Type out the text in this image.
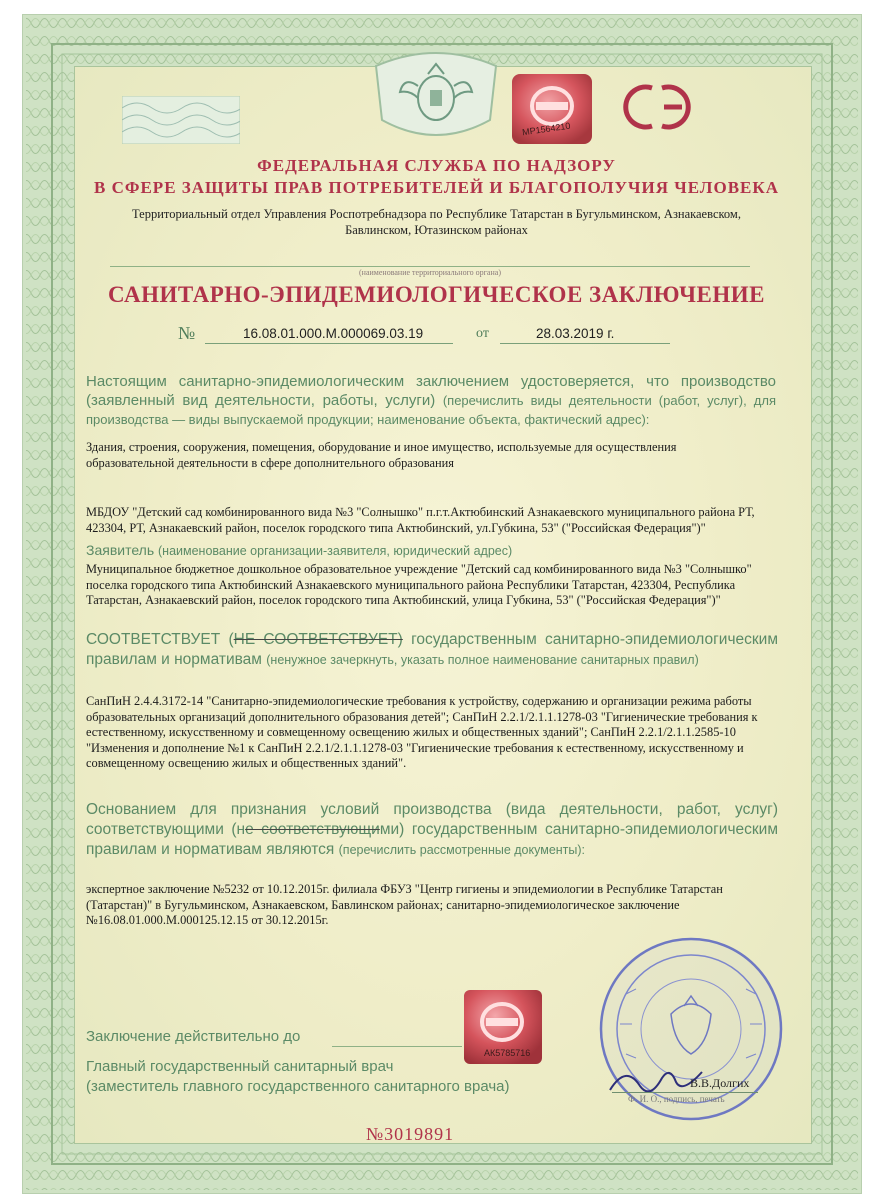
МР1564210
ФЕДЕРАЛЬНАЯ СЛУЖБА ПО НАДЗОРУ
В СФЕРЕ ЗАЩИТЫ ПРАВ ПОТРЕБИТЕЛЕЙ И БЛАГОПОЛУЧИЯ ЧЕЛОВЕКА
Территориальный отдел Управления Роспотребнадзора по Республике Татарстан в Бугульминском, Азнакаевском,
Бавлинском, Ютазинском районах
(наименование территориального органа)
САНИТАРНО-ЭПИДЕМИОЛОГИЧЕСКОЕ ЗАКЛЮЧЕНИЕ
№	16.08.01.000.М.000069.03.19	от	28.03.2019 г.
Настоящим санитарно-эпидемиологическим заключением удостоверяется, что производство (заявленный вид деятельности, работы, услуги) (перечислить виды деятельности (работ, услуг), для производства — виды выпускаемой продукции; наименование объекта, фактический адрес):
Здания, строения, сооружения, помещения, оборудование и иное имущество, используемые для осуществления образовательной деятельности в сфере дополнительного образования
МБДОУ "Детский сад комбинированного вида №3 "Солнышко" п.г.т.Актюбинский Азнакаевского муниципального района РТ, 423304, РТ, Азнакаевский район, поселок городского типа Актюбинский, ул.Губкина, 53" ("Российская Федерация")"
Заявитель (наименование организации-заявителя, юридический адрес)
Муниципальное бюджетное дошкольное образовательное учреждение "Детский сад комбинированного вида №3 "Солнышко" поселка городского типа Актюбинский Азнакаевского муниципального района Республики Татарстан, 423304, Республика Татарстан, Азнакаевский район, поселок городского типа Актюбинский, улица Губкина, 53" ("Российская Федерация")"
СООТВЕТСТВУЕТ (НЕ СООТВЕТСТВУЕТ) государственным санитарно-эпидемиологическим правилам и нормативам (ненужное зачеркнуть, указать полное наименование санитарных правил)
СанПиН 2.4.4.3172-14 "Санитарно-эпидемиологические требования к устройству, содержанию и организации режима работы образовательных организаций дополнительного образования детей"; СанПиН 2.2.1/2.1.1.1278-03 "Гигиенические требования к естественному, искусственному и совмещенному освещению жилых и общественных зданий"; СанПиН 2.2.1/2.1.1.2585-10 "Изменения и дополнение №1 к СанПиН 2.2.1/2.1.1.1278-03 "Гигиенические требования к естественному, искусственному и совмещенному освещению жилых и общественных зданий".
Основанием для признания условий производства (вида деятельности, работ, услуг) соответствующими (не соответствующими) государственным санитарно-эпидемиологическим правилам и нормативам являются (перечислить рассмотренные документы):
экспертное заключение №5232 от 10.12.2015г. филиала ФБУЗ "Центр гигиены и эпидемиологии в Республике Татарстан (Татарстан)" в Бугульминском, Азнакаевском, Бавлинском районах; санитарно-эпидемиологическое заключение №16.08.01.000.М.000125.12.15 от 30.12.2015г.
АК5785716
Заключение действительно до
Главный государственный санитарный врач
(заместитель главного государственного санитарного врача)	В.В.Долгих
Ф. И. О., подпись, печать
№3019891
